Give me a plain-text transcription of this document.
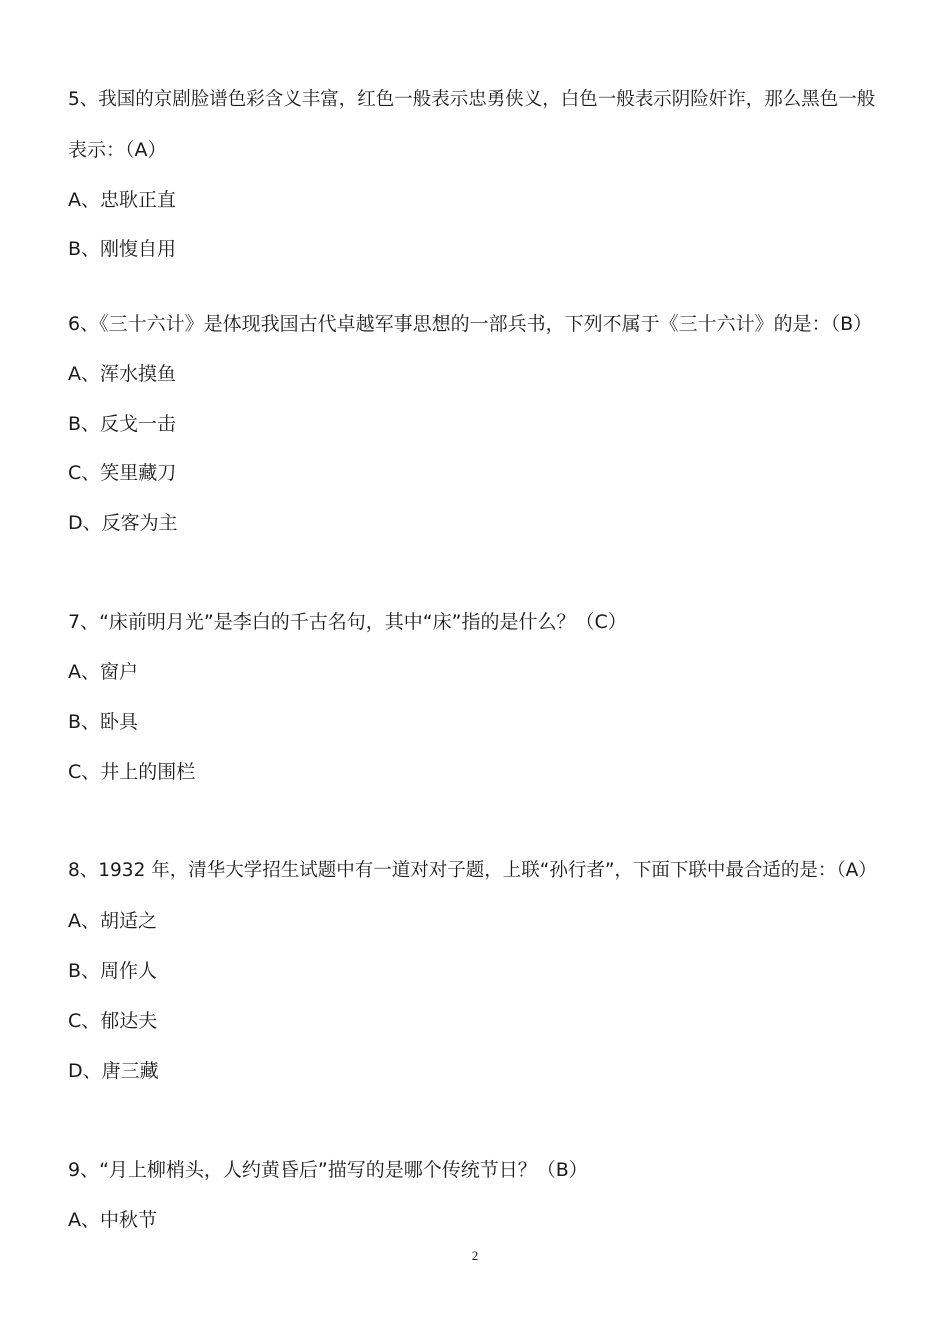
5、我国的京剧脸谱色彩含义丰富，红色一般表示忠勇侠义，白色一般表示阴险奸诈，那么黑色一般
表示：（A）
A、忠耿正直
B、刚愎自用
6、《三十六计》是体现我国古代卓越军事思想的一部兵书，下列不属于《三十六计》的是：（B）
A、浑水摸鱼
B、反戈一击
C、笑里藏刀
D、反客为主
7、“床前明月光”是李白的千古名句，其中“床”指的是什么？（C）
A、窗户
B、卧具
C、井上的围栏
8、1932 年，清华大学招生试题中有一道对对子题，上联“孙行者”，下面下联中最合适的是：（A）
A、胡适之
B、周作人
C、郁达夫
D、唐三藏
9、“月上柳梢头，人约黄昏后”描写的是哪个传统节日？（B）
A、中秋节
2
